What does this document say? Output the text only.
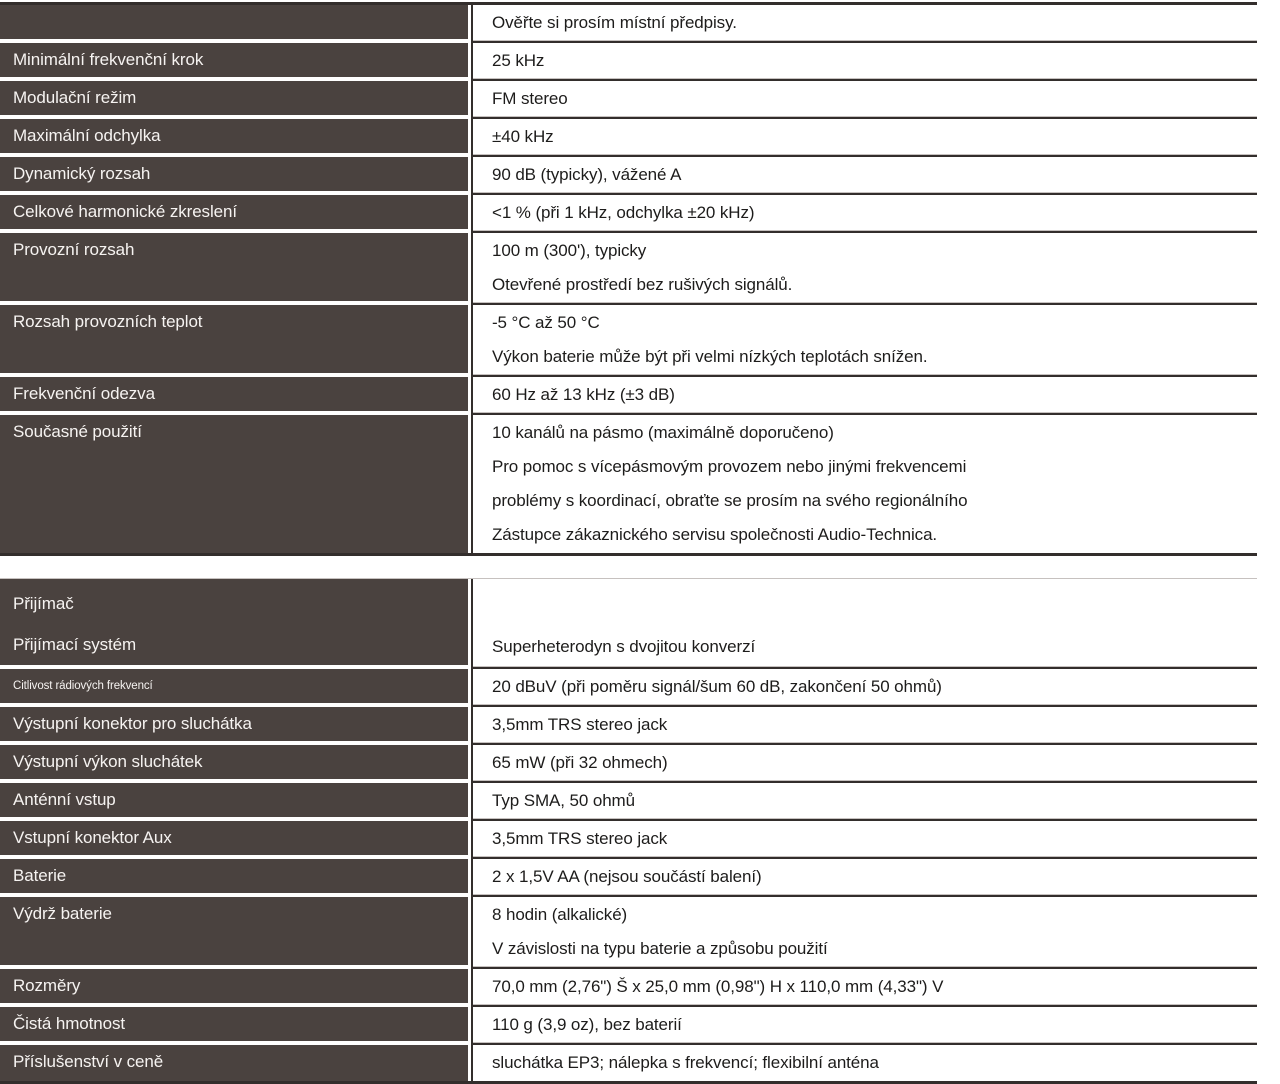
Ověřte si prosím místní předpisy.
Minimální frekvenční krok	25 kHz
Modulační režim	FM stereo
Maximální odchylka	±40 kHz
Dynamický rozsah	90 dB (typicky), vážené A
Celkové harmonické zkreslení	<1 % (při 1 kHz, odchylka ±20 kHz)
Provozní rozsah	100 m (300'), typicky
Otevřené prostředí bez rušivých signálů.
Rozsah provozních teplot	-5 °C až 50 °C
Výkon baterie může být při velmi nízkých teplotách snížen.
Frekvenční odezva	60 Hz až 13 kHz (±3 dB)
Současné použití	10 kanálů na pásmo (maximálně doporučeno)
Pro pomoc s vícepásmovým provozem nebo jinými frekvencemi
problémy s koordinací, obraťte se prosím na svého regionálního
Zástupce zákaznického servisu společnosti Audio-Technica.
Přijímač
Přijímací systém	Superheterodyn s dvojitou konverzí
Citlivost rádiových frekvencí	20 dBuV (při poměru signál/šum 60 dB, zakončení 50 ohmů)
Výstupní konektor pro sluchátka	3,5mm TRS stereo jack
Výstupní výkon sluchátek	65 mW (při 32 ohmech)
Anténní vstup	Typ SMA, 50 ohmů
Vstupní konektor Aux	3,5mm TRS stereo jack
Baterie	2 x 1,5V AA (nejsou součástí balení)
Výdrž baterie	8 hodin (alkalické)
V závislosti na typu baterie a způsobu použití
Rozměry	70,0 mm (2,76") Š x 25,0 mm (0,98") H x 110,0 mm (4,33") V
Čistá hmotnost	110 g (3,9 oz), bez baterií
Příslušenství v ceně	sluchátka EP3; nálepka s frekvencí; flexibilní anténa
